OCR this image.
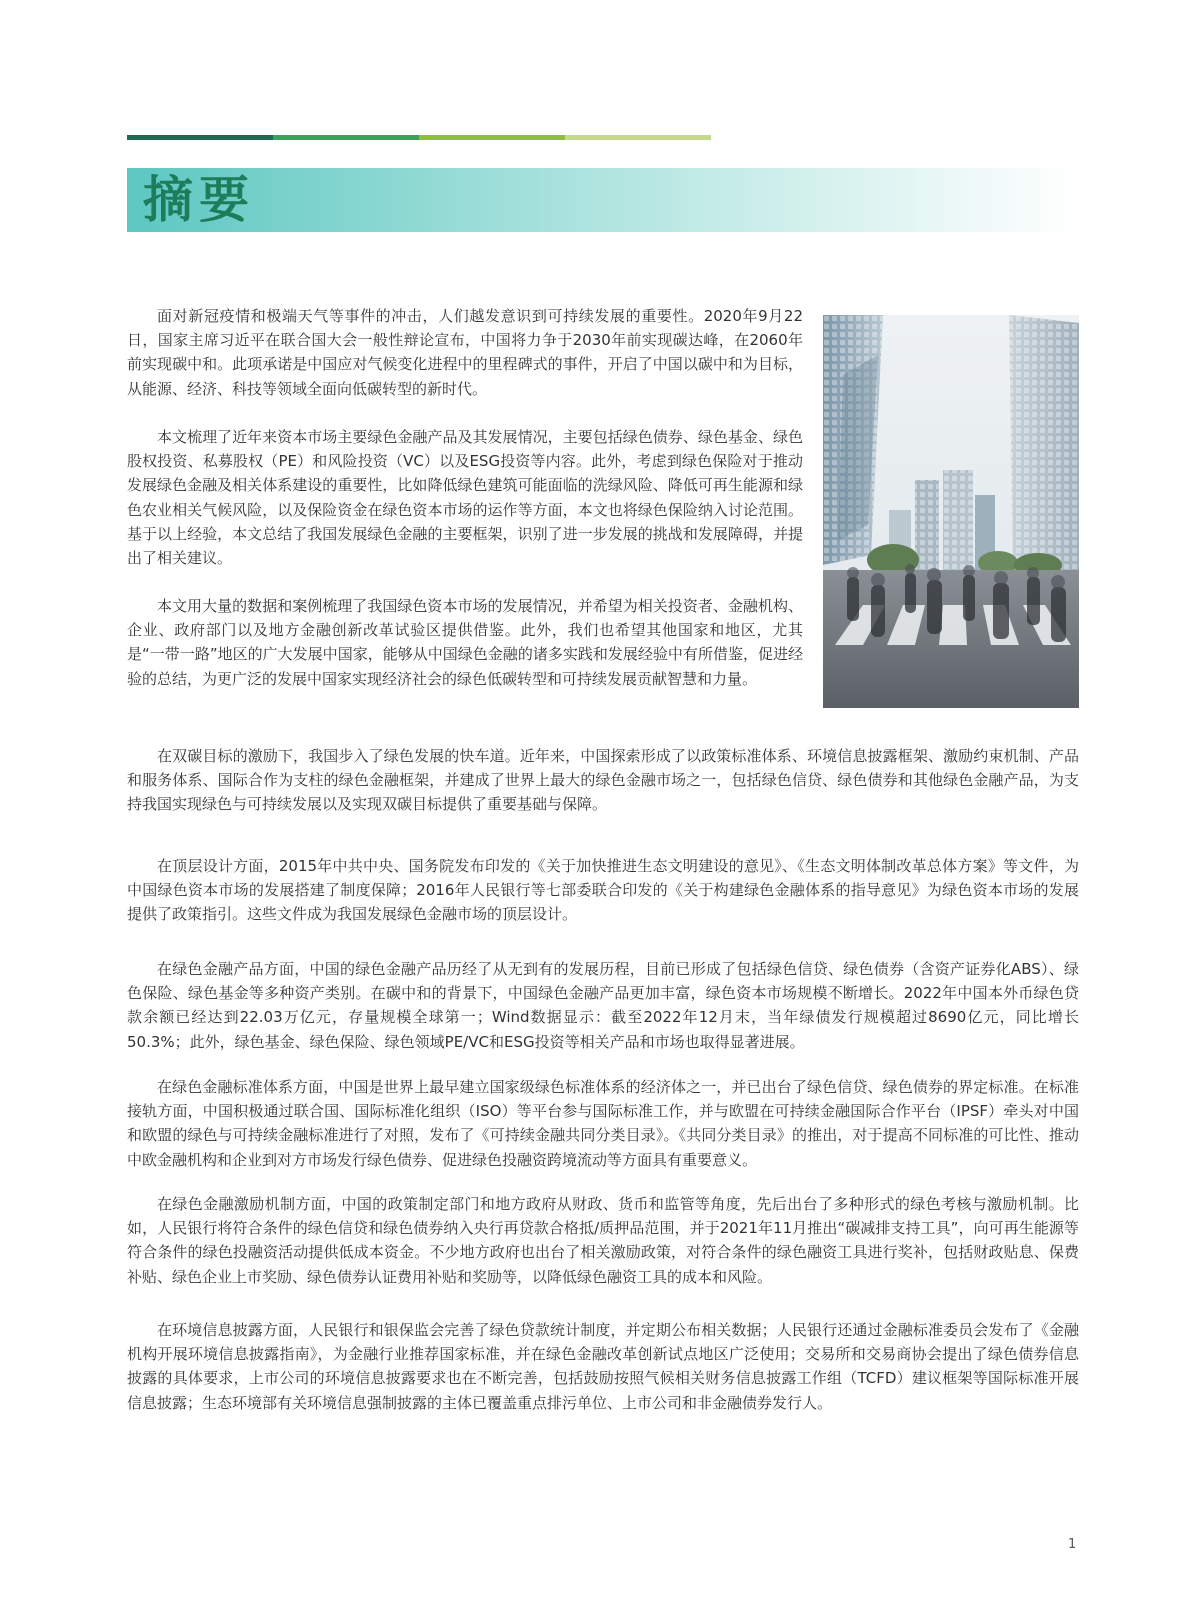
摘要

面对新冠疫情和极端天气等事件的冲击，人们越发意识到可持续发展的重要性。2020年9月22日，国家主席习近平在联合国大会一般性辩论宣布，中国将力争于2030年前实现碳达峰，在2060年前实现碳中和。此项承诺是中国应对气候变化进程中的里程碑式的事件，开启了中国以碳中和为目标，从能源、经济、科技等领域全面向低碳转型的新时代。

本文梳理了近年来资本市场主要绿色金融产品及其发展情况，主要包括绿色债券、绿色基金、绿色股权投资、私募股权（PE）和风险投资（VC）以及ESG投资等内容。此外，考虑到绿色保险对于推动发展绿色金融及相关体系建设的重要性，比如降低绿色建筑可能面临的洗绿风险、降低可再生能源和绿色农业相关气候风险，以及保险资金在绿色资本市场的运作等方面，本文也将绿色保险纳入讨论范围。基于以上经验，本文总结了我国发展绿色金融的主要框架，识别了进一步发展的挑战和发展障碍，并提出了相关建议。

本文用大量的数据和案例梳理了我国绿色资本市场的发展情况，并希望为相关投资者、金融机构、企业、政府部门以及地方金融创新改革试验区提供借鉴。此外，我们也希望其他国家和地区，尤其是“一带一路”地区的广大发展中国家，能够从中国绿色金融的诸多实践和发展经验中有所借鉴，促进经验的总结，为更广泛的发展中国家实现经济社会的绿色低碳转型和可持续发展贡献智慧和力量。

在双碳目标的激励下，我国步入了绿色发展的快车道。近年来，中国探索形成了以政策标准体系、环境信息披露框架、激励约束机制、产品和服务体系、国际合作为支柱的绿色金融框架，并建成了世界上最大的绿色金融市场之一，包括绿色信贷、绿色债券和其他绿色金融产品，为支持我国实现绿色与可持续发展以及实现双碳目标提供了重要基础与保障。

在顶层设计方面，2015年中共中央、国务院发布印发的《关于加快推进生态文明建设的意见》、《生态文明体制改革总体方案》等文件，为中国绿色资本市场的发展搭建了制度保障；2016年人民银行等七部委联合印发的《关于构建绿色金融体系的指导意见》为绿色资本市场的发展提供了政策指引。这些文件成为我国发展绿色金融市场的顶层设计。

在绿色金融产品方面，中国的绿色金融产品历经了从无到有的发展历程，目前已形成了包括绿色信贷、绿色债券（含资产证券化ABS）、绿色保险、绿色基金等多种资产类别。在碳中和的背景下，中国绿色金融产品更加丰富，绿色资本市场规模不断增长。2022年中国本外币绿色贷款余额已经达到22.03万亿元，存量规模全球第一；Wind数据显示：截至2022年12月末，当年绿债发行规模超过8690亿元，同比增长50.3%；此外，绿色基金、绿色保险、绿色领域PE/VC和ESG投资等相关产品和市场也取得显著进展。

在绿色金融标准体系方面，中国是世界上最早建立国家级绿色标准体系的经济体之一，并已出台了绿色信贷、绿色债券的界定标准。在标准接轨方面，中国积极通过联合国、国际标准化组织（ISO）等平台参与国际标准工作，并与欧盟在可持续金融国际合作平台（IPSF）牵头对中国和欧盟的绿色与可持续金融标准进行了对照，发布了《可持续金融共同分类目录》。《共同分类目录》的推出，对于提高不同标准的可比性、推动中欧金融机构和企业到对方市场发行绿色债券、促进绿色投融资跨境流动等方面具有重要意义。

在绿色金融激励机制方面，中国的政策制定部门和地方政府从财政、货币和监管等角度，先后出台了多种形式的绿色考核与激励机制。比如，人民银行将符合条件的绿色信贷和绿色债券纳入央行再贷款合格抵/质押品范围，并于2021年11月推出“碳减排支持工具”，向可再生能源等符合条件的绿色投融资活动提供低成本资金。不少地方政府也出台了相关激励政策，对符合条件的绿色融资工具进行奖补，包括财政贴息、保费补贴、绿色企业上市奖励、绿色债券认证费用补贴和奖励等，以降低绿色融资工具的成本和风险。

在环境信息披露方面，人民银行和银保监会完善了绿色贷款统计制度，并定期公布相关数据；人民银行还通过金融标准委员会发布了《金融机构开展环境信息披露指南》，为金融行业推荐国家标准，并在绿色金融改革创新试点地区广泛使用；交易所和交易商协会提出了绿色债券信息披露的具体要求，上市公司的环境信息披露要求也在不断完善，包括鼓励按照气候相关财务信息披露工作组（TCFD）建议框架等国际标准开展信息披露；生态环境部有关环境信息强制披露的主体已覆盖重点排污单位、上市公司和非金融债券发行人。

1
